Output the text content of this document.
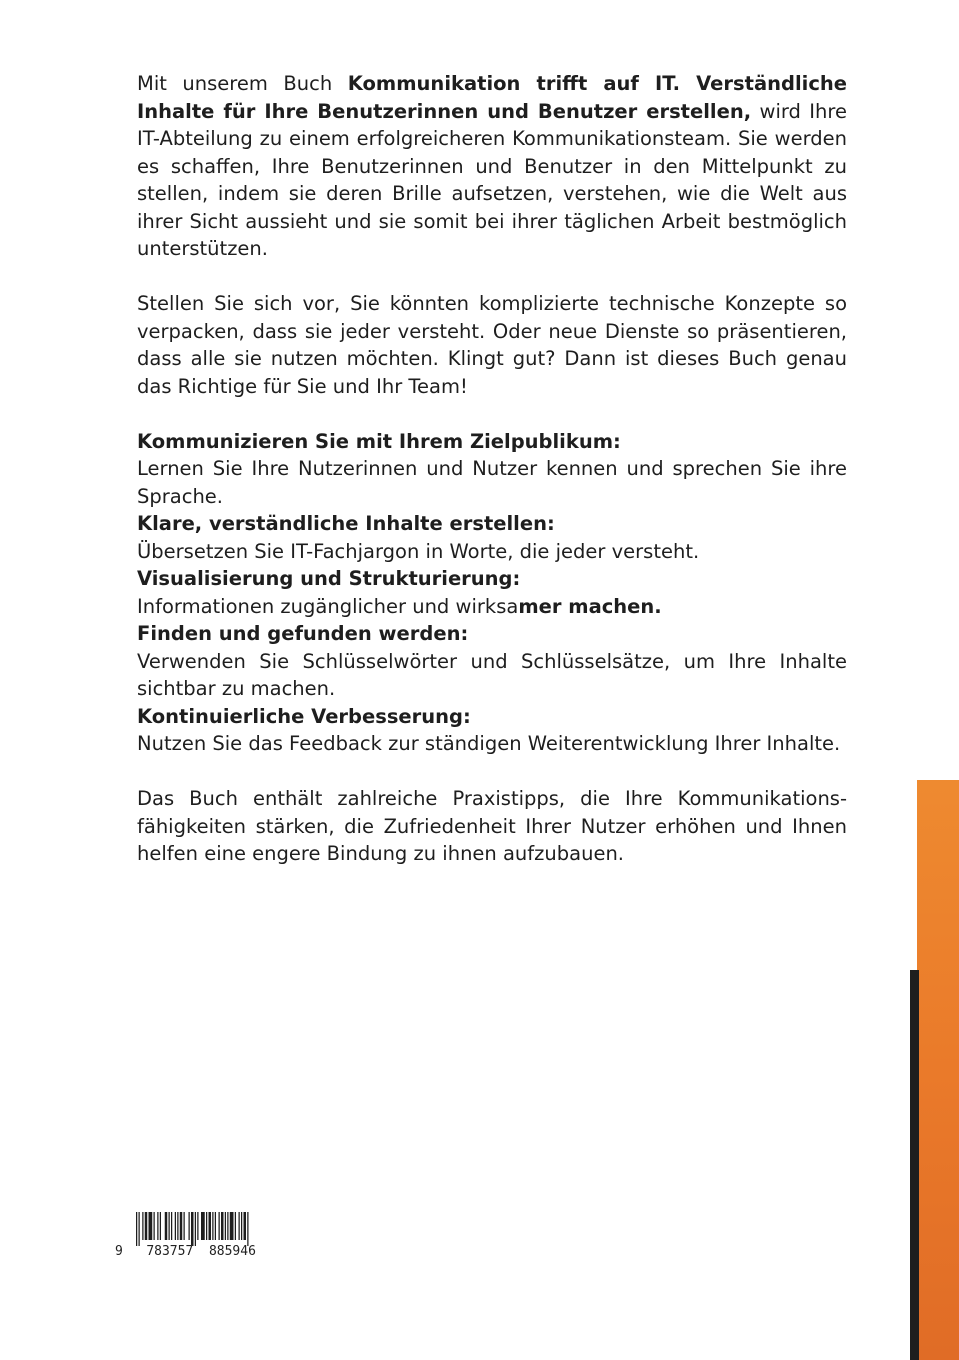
Mit unserem Buch Kommunikation trifft auf IT. Verständliche Inhalte für Ihre Benutzerinnen und Benutzer erstellen, wird Ihre IT-Abteilung zu einem erfolgreicheren Kommunikationsteam. Sie werden es schaffen, Ihre Benutzerinnen und Benutzer in den Mittelpunkt zu stellen, indem sie deren Brille aufsetzen, verstehen, wie die Welt aus ihrer Sicht aussieht und sie somit bei ihrer täglichen Arbeit bestmöglich unterstützen.

Stellen Sie sich vor, Sie könnten komplizierte technische Konzepte so verpacken, dass sie jeder versteht. Oder neue Dienste so präsentieren, dass alle sie nutzen möchten. Klingt gut? Dann ist dieses Buch genau das Richtige für Sie und Ihr Team!

Kommunizieren Sie mit Ihrem Zielpublikum:

Lernen Sie Ihre Nutzerinnen und Nutzer kennen und sprechen Sie ihre Sprache.

Klare, verständliche Inhalte erstellen:

Übersetzen Sie IT-Fachjargon in Worte, die jeder versteht.

Visualisierung und Strukturierung:

Informationen zugänglicher und wirksamer machen.

Finden und gefunden werden:

Verwenden Sie Schlüsselwörter und Schlüsselsätze, um Ihre Inhalte sichtbar zu machen.

Kontinuierliche Verbesserung:

Nutzen Sie das Feedback zur ständigen Weiterentwicklung Ihrer Inhalte.

Das Buch enthält zahlreiche Praxistipps, die Ihre Kommunikations-fähigkeiten stärken, die Zufriedenheit Ihrer Nutzer erhöhen und Ihnen helfen eine engere Bindung zu ihnen aufzubauen.

9 783757 885946
